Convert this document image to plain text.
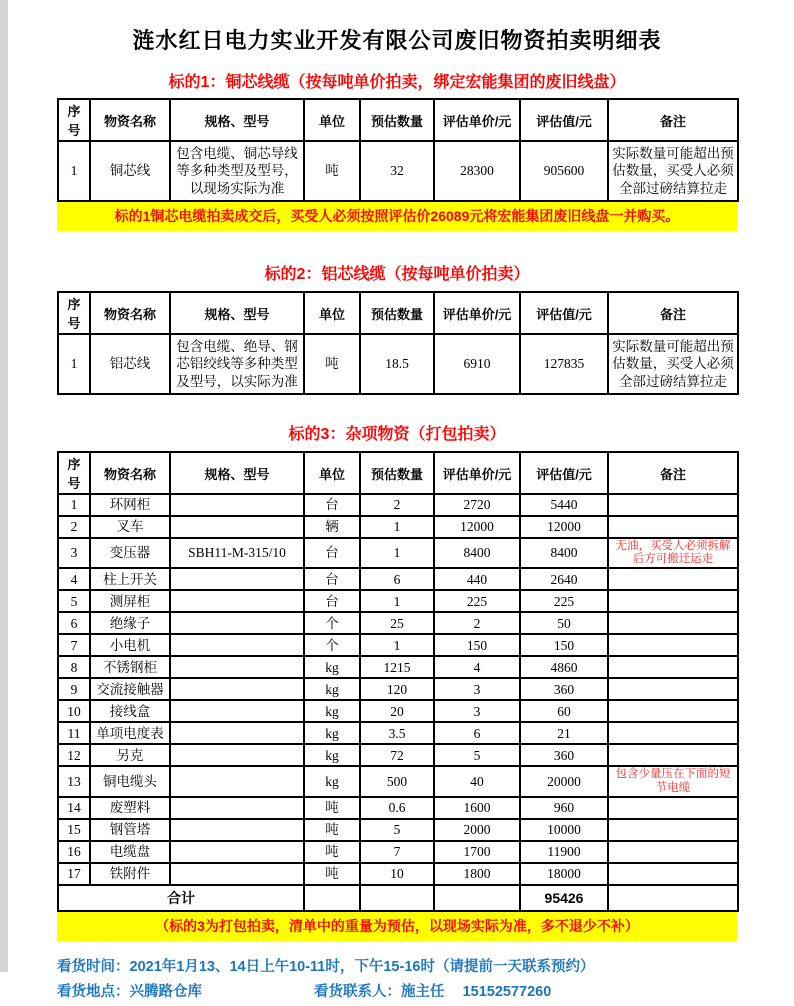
涟水红日电力实业开发有限公司废旧物资拍卖明细表
标的1：铜芯线缆（按每吨单价拍卖，绑定宏能集团的废旧线盘）
序号	物资名称	规格、型号	单位	预估数量	评估单价/元	评估值/元	备注
1	铜芯线	包含电缆、铜芯导线等多种类型及型号，以现场实际为准	吨	32	28300	905600	实际数量可能超出预估数量，买受人必须全部过磅结算拉走
标的1铜芯电缆拍卖成交后，买受人必须按照评估价26089元将宏能集团废旧线盘一并购买。
标的2：铝芯线缆（按每吨单价拍卖）
序号	物资名称	规格、型号	单位	预估数量	评估单价/元	评估值/元	备注
1	铝芯线	包含电缆、绝导、钢芯铝绞线等多种类型及型号，以实际为准	吨	18.5	6910	127835	实际数量可能超出预估数量，买受人必须全部过磅结算拉走
标的3：杂项物资（打包拍卖）
序号	物资名称	规格、型号	单位	预估数量	评估单价/元	评估值/元	备注
1	环网柜		台	2	2720	5440	
2	叉车		辆	1	12000	12000	
3	变压器	SBH11-M-315/10	台	1	8400	8400	无油，买受人必须拆解后方可搬迁运走
4	柱上开关		台	6	440	2640	
5	测屏柜		台	1	225	225	
6	绝缘子		个	25	2	50	
7	小电机		个	1	150	150	
8	不锈钢柜		kg	1215	4	4860	
9	交流接触器		kg	120	3	360	
10	接线盒		kg	20	3	60	
11	单项电度表		kg	3.5	6	21	
12	另克		kg	72	5	360	
13	铜电缆头		kg	500	40	20000	包含少量压在下面的短节电缆
14	废塑料		吨	0.6	1600	960	
15	钢管塔		吨	5	2000	10000	
16	电缆盘		吨	7	1700	11900	
17	铁附件		吨	10	1800	18000	
合计						95426	
（标的3为打包拍卖，清单中的重量为预估，以现场实际为准，多不退少不补）
看货时间：2021年1月13、14日上午10-11时，下午15-16时（请提前一天联系预约）
看货地点：兴腾路仓库	看货联系人：施主任 15152577260
